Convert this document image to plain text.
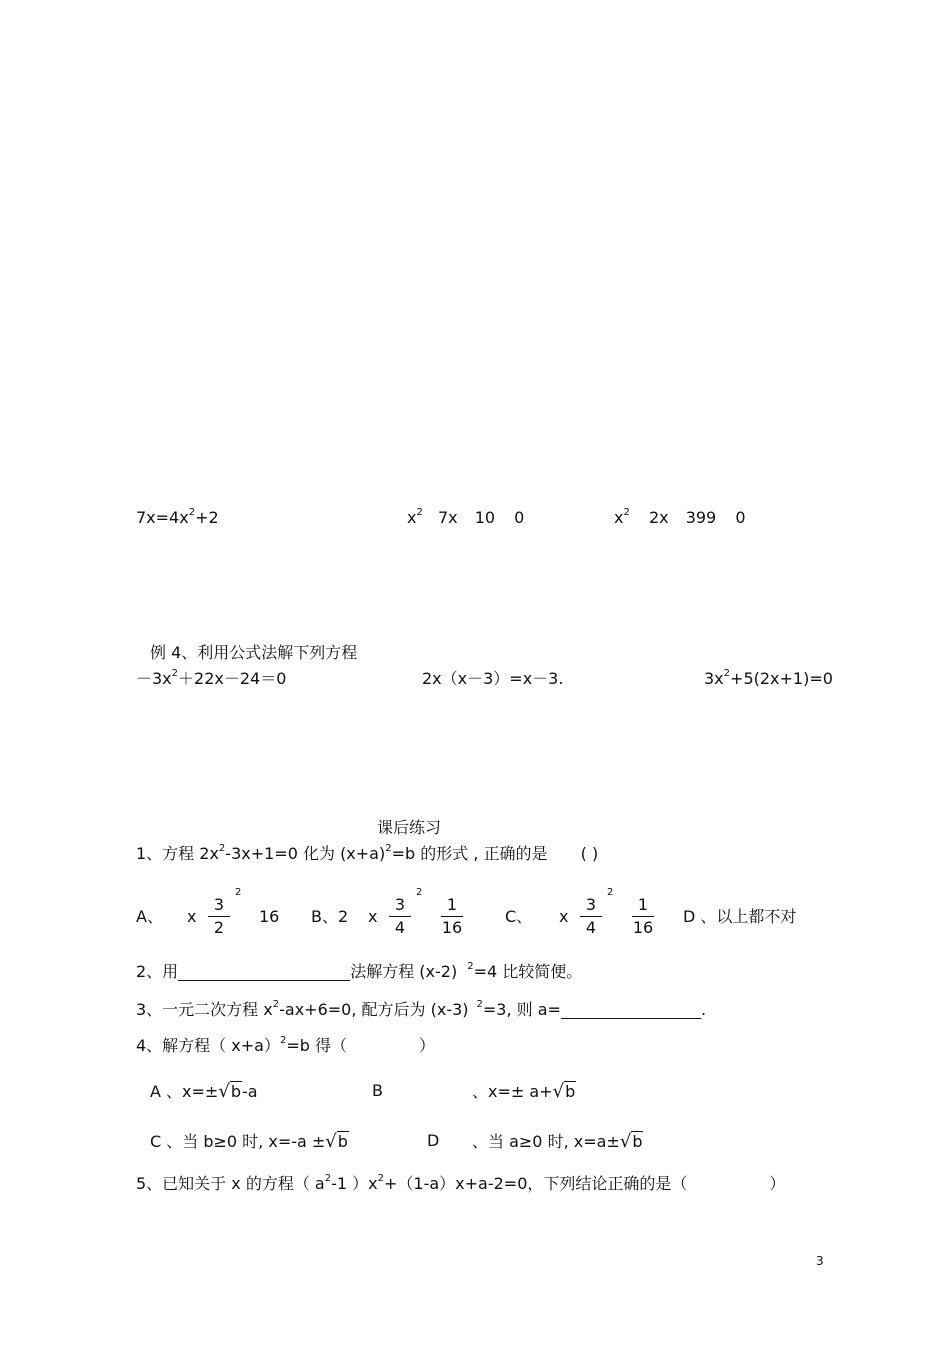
$7x=4x^2+2$	$x^2$ 7x 10 0	$x^2$ 2x 399 0
例 4、利用公式法解下列方程
$-3x^2+22x-24=0$	2x（x－3）=x－3.	$3x^2+5(2x+1)=0$
课后练习
1、方程 $2x^2-3x+1=0$ 化为 $(x+a)^2=b$ 的形式 , 正确的是 ( )
A、 x $\frac{3}{2}$
2
16 B、2 x $\frac{3}{4}$
2
$\frac{1}{16}$	C、 x $\frac{3}{4}$
2
$\frac{1}{16}$ D 、以上都不对
2、用	法解方程 (x-2) $^2$=4 比较简便。
3、一元二次方程 $x^2-ax+6=0$, 配方后为 (x-3) $^2$=3, 则 a=	.
4、解方程（ x+a）$^2$=b 得（	）
A 、x=±√b-a	B	、x=± a+√b
C 、当 b≥0 时, x=-a ±√b	D 、当 a≥0 时, x=a±√b
5、已知关于 x 的方程（ $a^2-1$ ）$x^2+(1-a)x+a-2=0$，下列结论正确的是（	）
3
